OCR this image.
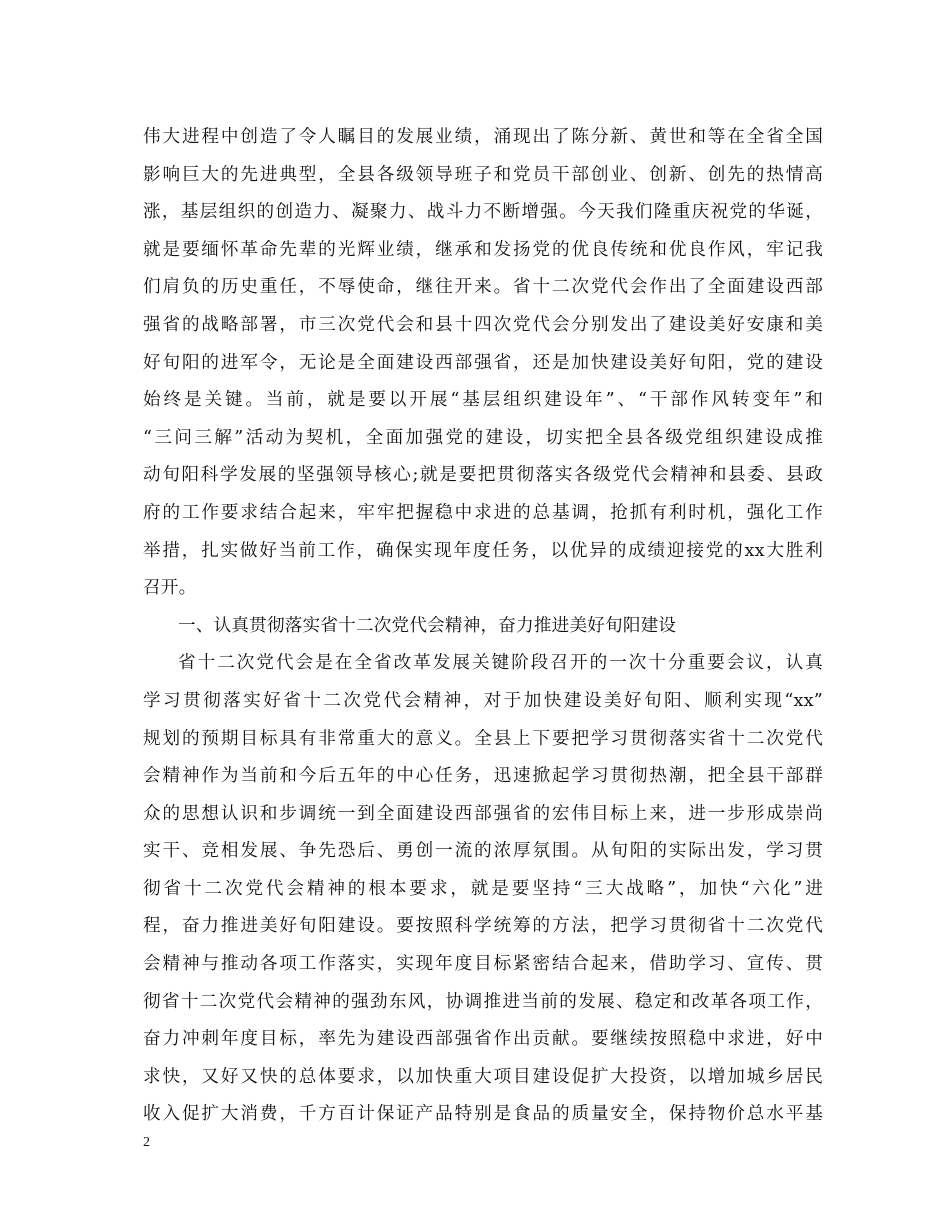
伟大进程中创造了令人瞩目的发展业绩，涌现出了陈分新、黄世和等在全省全国
影响巨大的先进典型，全县各级领导班子和党员干部创业、创新、创先的热情高
涨，基层组织的创造力、凝聚力、战斗力不断增强。今天我们隆重庆祝党的华诞，
就是要缅怀革命先辈的光辉业绩，继承和发扬党的优良传统和优良作风，牢记我
们肩负的历史重任，不辱使命，继往开来。省十二次党代会作出了全面建设西部
强省的战略部署，市三次党代会和县十四次党代会分别发出了建设美好安康和美
好旬阳的进军令，无论是全面建设西部强省，还是加快建设美好旬阳，党的建设
始终是关键。当前，就是要以开展“基层组织建设年”、“干部作风转变年”和
“三问三解”活动为契机，全面加强党的建设，切实把全县各级党组织建设成推
动旬阳科学发展的坚强领导核心;就是要把贯彻落实各级党代会精神和县委、县政
府的工作要求结合起来，牢牢把握稳中求进的总基调，抢抓有利时机，强化工作
举措，扎实做好当前工作，确保实现年度任务，以优异的成绩迎接党的xx大胜利
召开。
一、认真贯彻落实省十二次党代会精神，奋力推进美好旬阳建设
省十二次党代会是在全省改革发展关键阶段召开的一次十分重要会议，认真
学习贯彻落实好省十二次党代会精神，对于加快建设美好旬阳、顺利实现“xx”
规划的预期目标具有非常重大的意义。全县上下要把学习贯彻落实省十二次党代
会精神作为当前和今后五年的中心任务，迅速掀起学习贯彻热潮，把全县干部群
众的思想认识和步调统一到全面建设西部强省的宏伟目标上来，进一步形成崇尚
实干、竞相发展、争先恐后、勇创一流的浓厚氛围。从旬阳的实际出发，学习贯
彻省十二次党代会精神的根本要求，就是要坚持“三大战略”，加快“六化”进
程，奋力推进美好旬阳建设。要按照科学统筹的方法，把学习贯彻省十二次党代
会精神与推动各项工作落实，实现年度目标紧密结合起来，借助学习、宣传、贯
彻省十二次党代会精神的强劲东风，协调推进当前的发展、稳定和改革各项工作，
奋力冲刺年度目标，率先为建设西部强省作出贡献。要继续按照稳中求进，好中
求快，又好又快的总体要求，以加快重大项目建设促扩大投资，以增加城乡居民
收入促扩大消费，千方百计保证产品特别是食品的质量安全，保持物价总水平基
2
